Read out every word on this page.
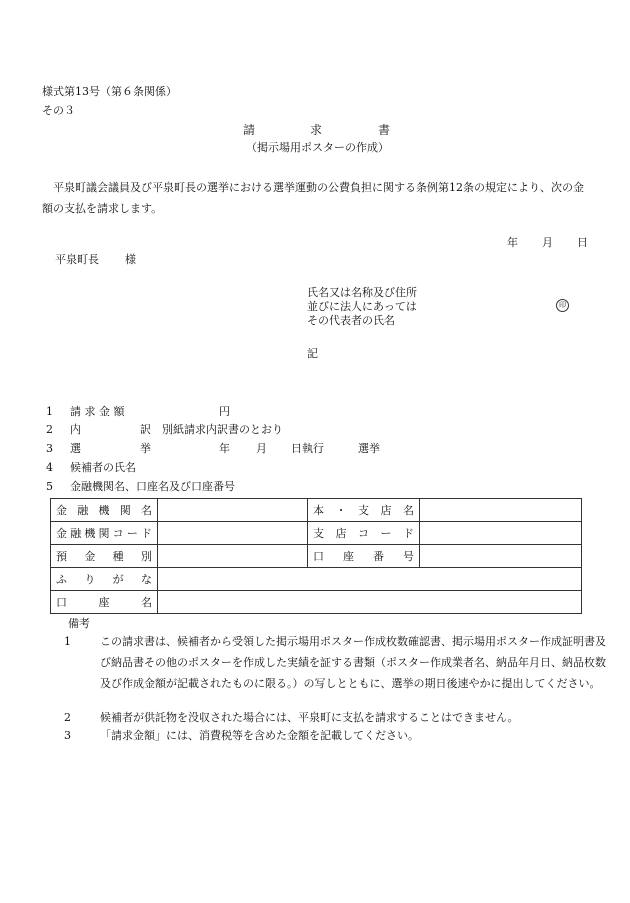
様式第13号（第６条関係）
その３
請	求	書
（掲示場用ポスターの作成）
平泉町議会議員及び平泉町長の選挙における選挙運動の公費負担に関する条例第12条の規定により、次の金額の支払を請求します。
年 月 日
平泉町長 様
氏名又は名称及び住所
並びに法人にあっては
その代表者の氏名
印
記
1 請 求 金 額	円
2 内	訳 別紙請求内訳書のとおり
3 選	挙	年 月 日執行	選挙
4 候補者の氏名
5 金融機関名、口座名及び口座番号
金融機関名		本・支店名	
金融機関コード		支店コード	
預金種別		口座番号	
ふりがな			
口座名			
備考
1	この請求書は、候補者から受領した掲示場用ポスター作成枚数確認書、掲示場用ポスター作成証明書及び納品書その他のポスターを作成した実績を証する書類（ポスター作成業者名、納品年月日、納品枚数及び作成金額が記載されたものに限る。）の写しとともに、選挙の期日後速やかに提出してください。
2	候補者が供託物を没収された場合には、平泉町に支払を請求することはできません。
3	「請求金額」には、消費税等を含めた金額を記載してください。
